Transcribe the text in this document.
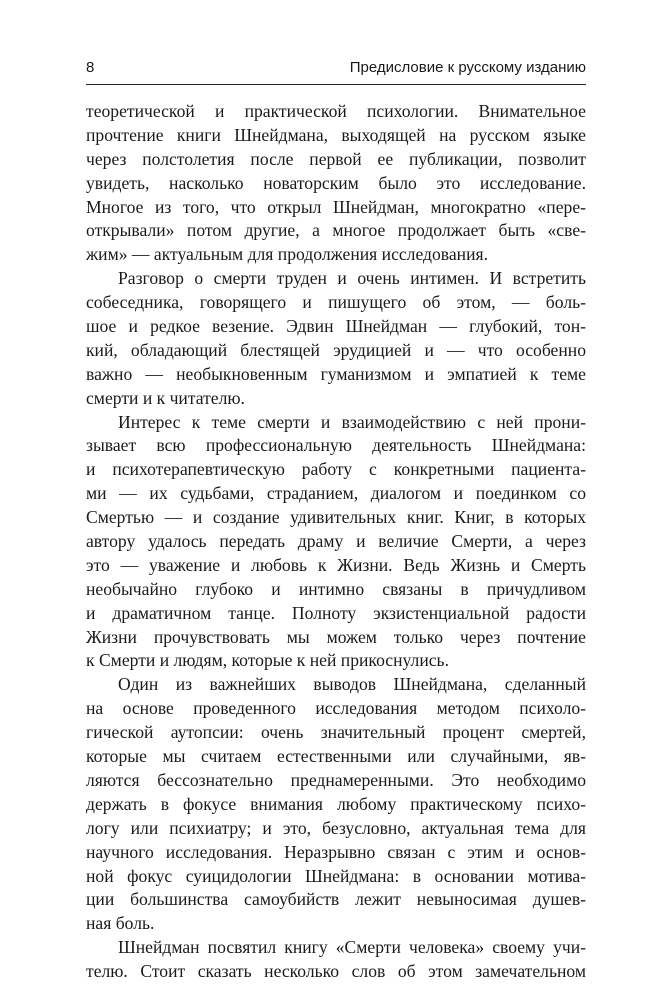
8	Предисловие к русскому изданию
теоретической и практической психологии. Внимательное
прочтение книги Шнейдмана, выходящей на русском языке
через полстолетия после первой ее публикации, позволит
увидеть, насколько новаторским было это исследование.
Многое из того, что открыл Шнейдман, многократно «пере-
открывали» потом другие, а многое продолжает быть «све-
жим» — актуальным для продолжения исследования.
Разговор о смерти труден и очень интимен. И встретить
собеседника, говорящего и пишущего об этом, — боль-
шое и редкое везение. Эдвин Шнейдман — глубокий, тон-
кий, обладающий блестящей эрудицией и — что особенно
важно — необыкновенным гуманизмом и эмпатией к теме
смерти и к читателю.
Интерес к теме смерти и взаимодействию с ней прони-
зывает всю профессиональную деятельность Шнейдмана:
и психотерапевтическую работу с конкретными пациента-
ми — их судьбами, страданием, диалогом и поединком со
Смертью — и создание удивительных книг. Книг, в которых
автору удалось передать драму и величие Смерти, а через
это — уважение и любовь к Жизни. Ведь Жизнь и Смерть
необычайно глубоко и интимно связаны в причудливом
и драматичном танце. Полноту экзистенциальной радости
Жизни прочувствовать мы можем только через почтение
к Смерти и людям, которые к ней прикоснулись.
Один из важнейших выводов Шнейдмана, сделанный
на основе проведенного исследования методом психоло-
гической аутопсии: очень значительный процент смертей,
которые мы считаем естественными или случайными, яв-
ляются бессознательно преднамеренными. Это необходимо
держать в фокусе внимания любому практическому психо-
логу или психиатру; и это, безусловно, актуальная тема для
научного исследования. Неразрывно связан с этим и основ-
ной фокус суицидологии Шнейдмана: в основании мотива-
ции большинства самоубийств лежит невыносимая душев-
ная боль.
Шнейдман посвятил книгу «Смерти человека» своему учи-
телю. Стоит сказать несколько слов об этом замечательном
